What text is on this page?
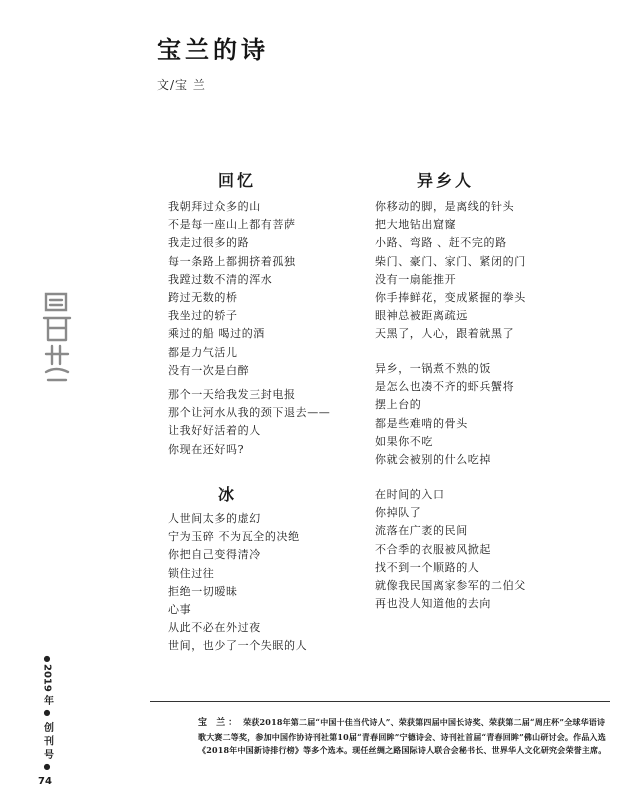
宝兰的诗
文/宝 兰
回忆
我朝拜过众多的山
不是每一座山上都有菩萨
我走过很多的路
每一条路上都拥挤着孤独
我蹚过数不清的浑水
跨过无数的桥
我坐过的轿子
乘过的船 喝过的酒
都是力气活儿
没有一次是白醉
那个一天给我发三封电报
那个让河水从我的颈下退去——
让我好好活着的人
你现在还好吗?
冰
人世间太多的虚幻
宁为玉碎 不为瓦全的决绝
你把自己变得清冷
锁住过往
拒绝一切暧昧
心事
从此不必在外过夜
世间，也少了一个失眠的人
异乡人
你移动的脚，是离线的针头
把大地钻出窟窿
小路、弯路 、赶不完的路
柴门、豪门、家门、紧闭的门
没有一扇能推开
你手捧鲜花，变成紧握的拳头
眼神总被距离疏远
天黑了，人心，跟着就黑了
异乡，一锅煮不熟的饭
是怎么也凑不齐的虾兵蟹将
摆上台的
都是些难啃的骨头
如果你不吃
你就会被别的什么吃掉
在时间的入口
你掉队了
流落在广袤的民间
不合季的衣服被风掀起
找不到一个顺路的人
就像我民国离家参军的二伯父
再也没人知道他的去向
●
2019 年
●
创 刊 号
●
74
宝 兰： 荣获2018年第二届“中国十佳当代诗人”、荣获第四届中国长诗奖、荣获第二届“周庄杯”全球华语诗歌大赛二等奖，参加中国作协诗刊社第10届“青春回眸”宁德诗会、诗刊社首届“青春回眸”佛山研讨会。作品入选《2018年中国新诗排行榜》等多个选本。现任丝绸之路国际诗人联合会秘书长、世界华人文化研究会荣誉主席。
